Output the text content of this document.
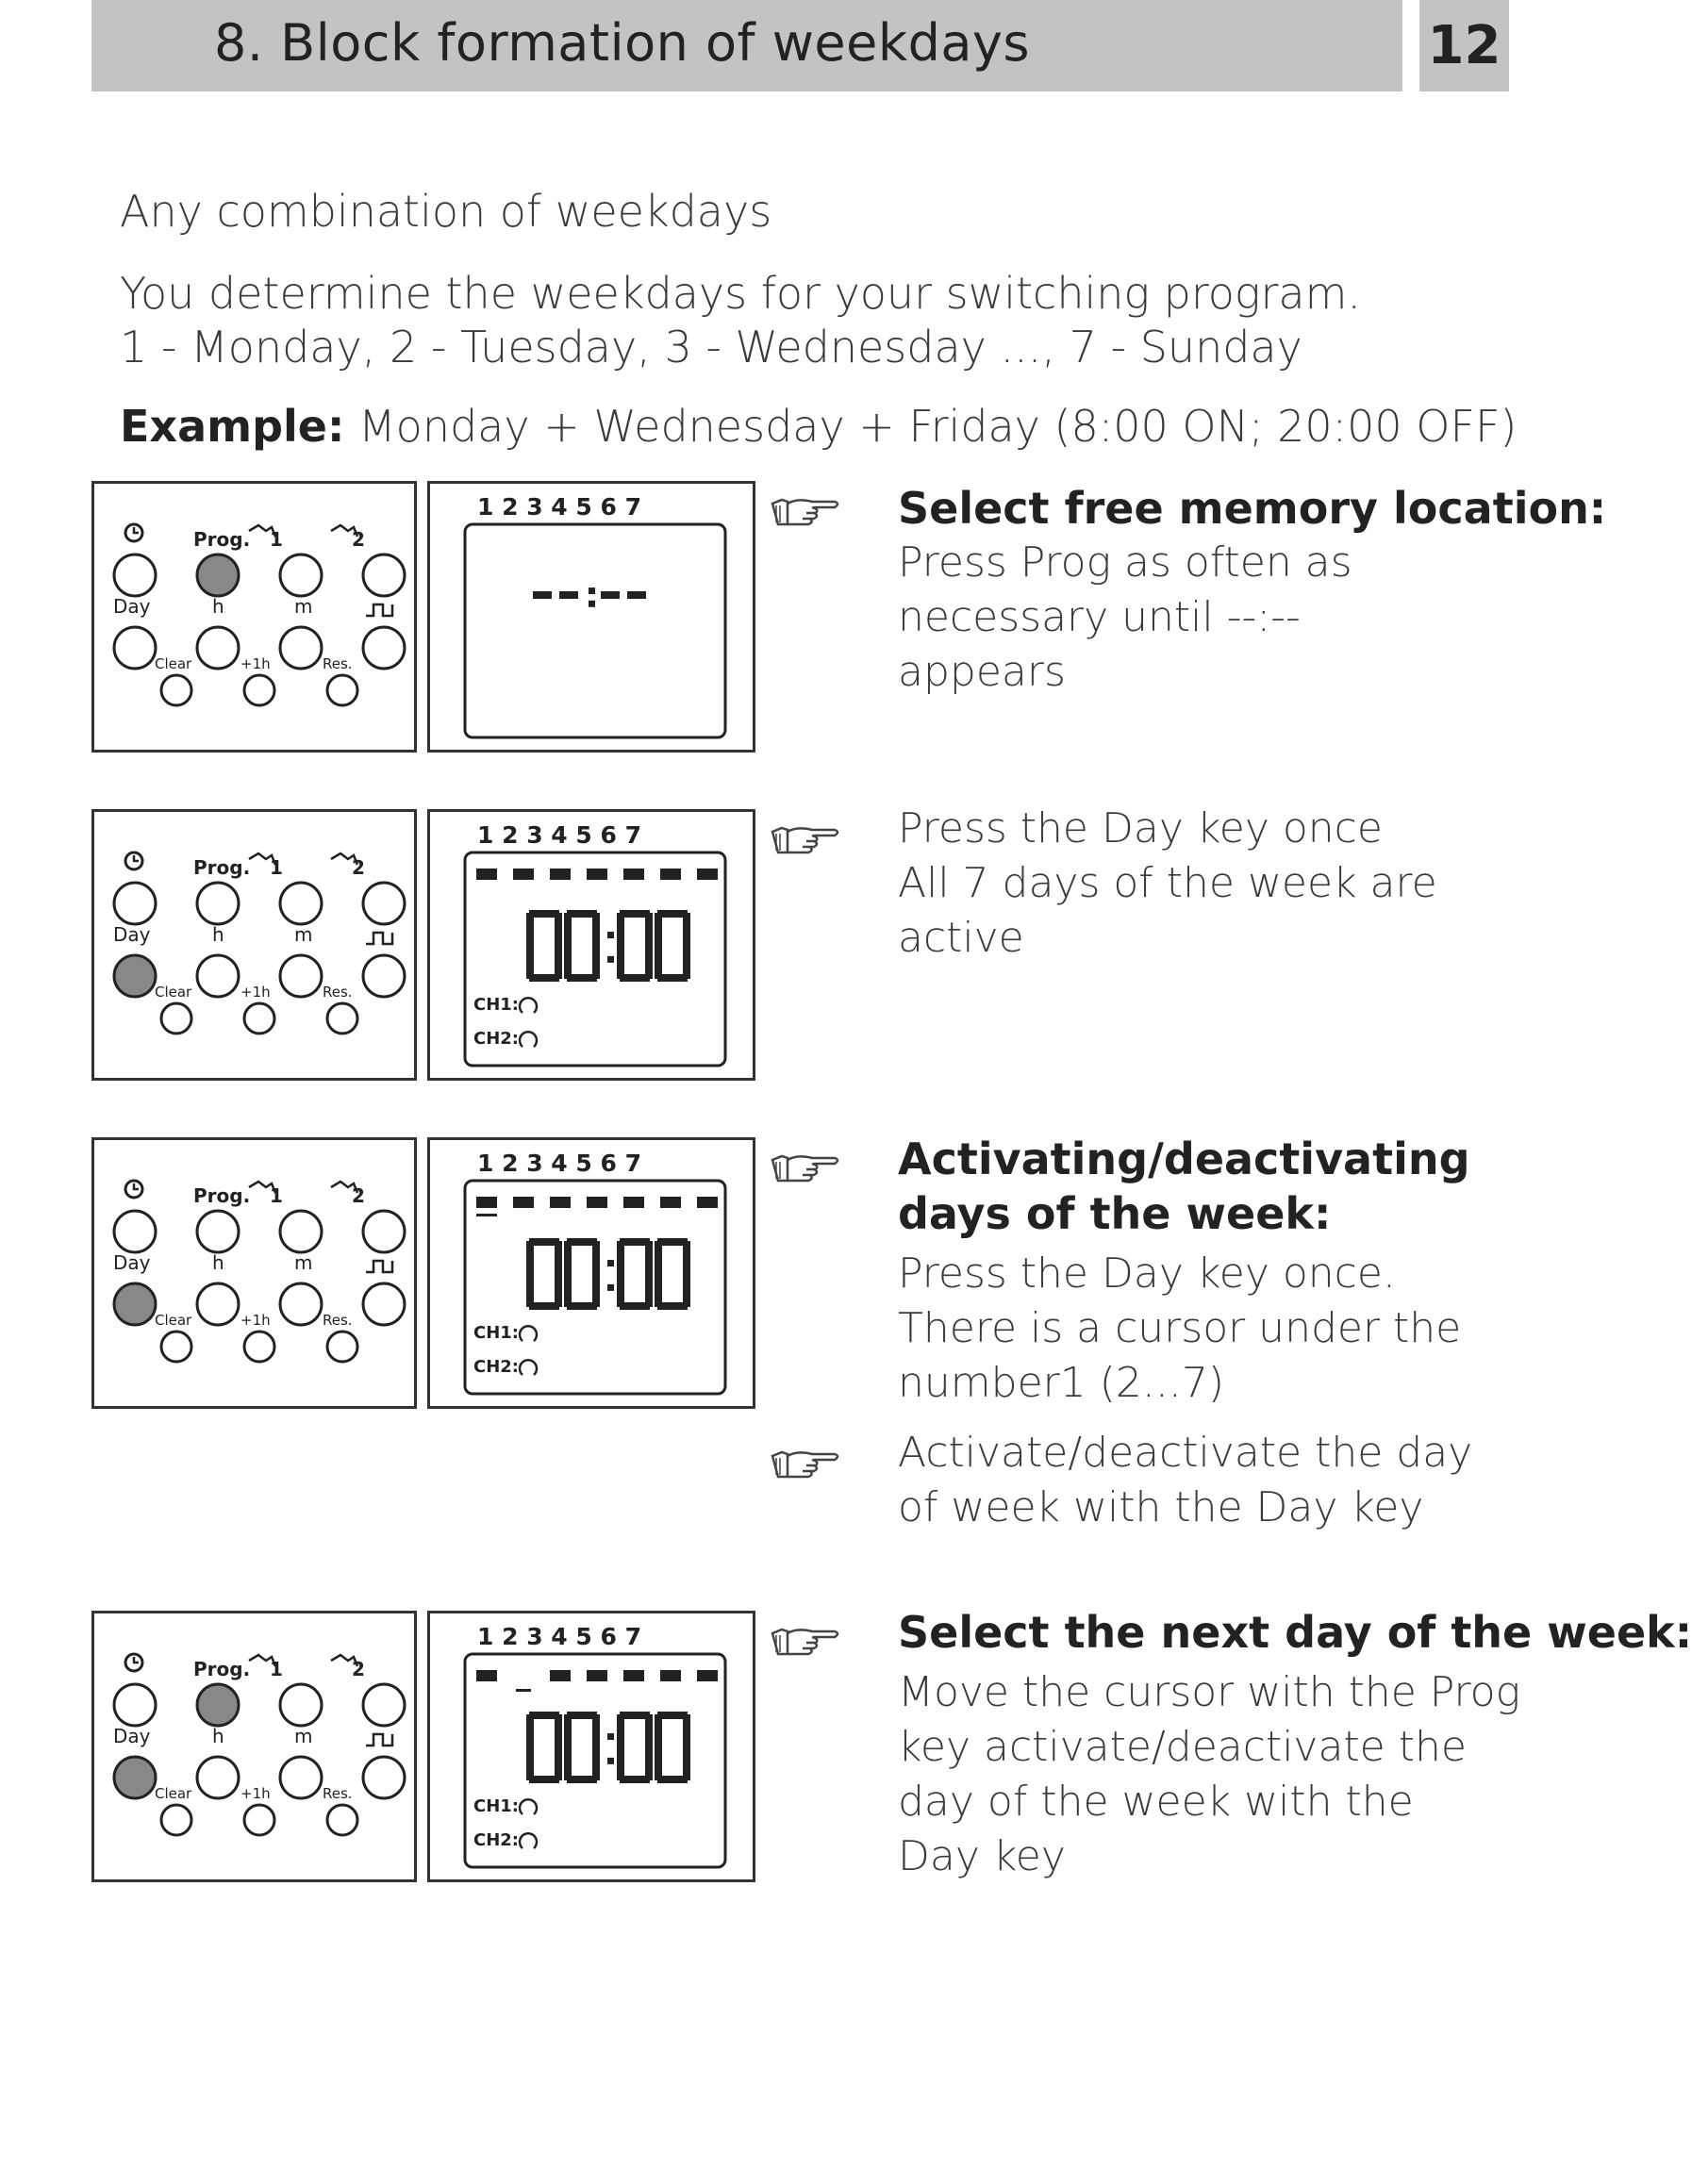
8. Block formation of weekdays	12
Any combination of weekdays
You determine the weekdays for your switching program.
1 - Monday, 2 - Tuesday, 3 - Wednesday ..., 7 - Sunday
Example: Monday + Wednesday + Friday (8:00 ON; 20:00 OFF)
Prog. 1	2
Day	h	m
Clear	+1h	Res.
1 2 3 4 5 6 7	Select free memory location:
Press Prog as often as
necessary until --:--
appears
Prog. 1	2
Day	h	m
Clear	+1h	Res.
1 2 3 4 5 6 7
CH1:
CH2:
Press the Day key once
All 7 days of the week are
active
Prog. 1	2
Day	h	m
Clear	+1h	Res.
1 2 3 4 5 6 7
CH1:
CH2:
Activating/deactivating
days of the week:
Press the Day key once.
There is a cursor under the
number1 (2...7)
Activate/deactivate the day
of week with the Day key
Prog. 1	2
Day	h	m
Clear	+1h	Res.
1 2 3 4 5 6 7
CH1:
CH2:
Select the next day of the week:
Move the cursor with the Prog
key activate/deactivate the
day of the week with the
Day key
